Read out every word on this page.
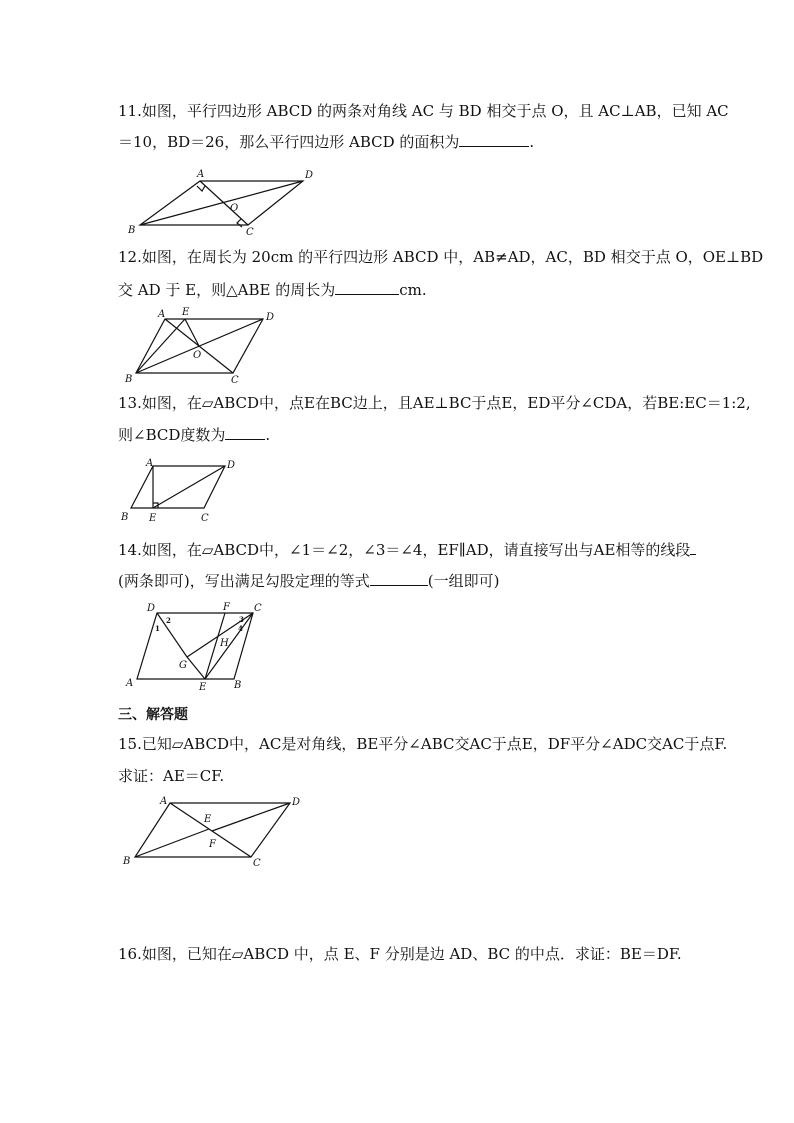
11.如图，平行四边形 ABCD 的两条对角线 AC 与 BD 相交于点 O，且 AC⊥AB，已知 AC
＝10，BD＝26，那么平行四边形 ABCD 的面积为	.
A
B	C
D
O
12.如图，在周长为 20cm 的平行四边形 ABCD 中，AB≠AD，AC，BD 相交于点 O，OE⊥BD
交 AD 于 E，则△ABE 的周长为	cm.
A E	D
O
B	C
13.如图，在▱ABCD中，点E在BC边上，且AE⊥BC于点E，ED平分∠CDA，若BE:EC＝1:2,
则∠BCD度数为	.
A	D
B E	C
14.如图，在▱ABCD中，∠1＝∠2，∠3＝∠4，EF∥AD，请直接写出与AE相等的线段
(两条即可)，写出满足勾股定理的等式	(一组即可)
D	F C
1
2	3
4
H
G
A	E	B
三、解答题
15.已知▱ABCD中，AC是对角线，BE平分∠ABC交AC于点E，DF平分∠ADC交AC于点F.
求证：AE＝CF.
A	D
E
F
B	C
16.如图，已知在▱ABCD 中，点 E、F 分别是边 AD、BC 的中点．求证：BE＝DF.
